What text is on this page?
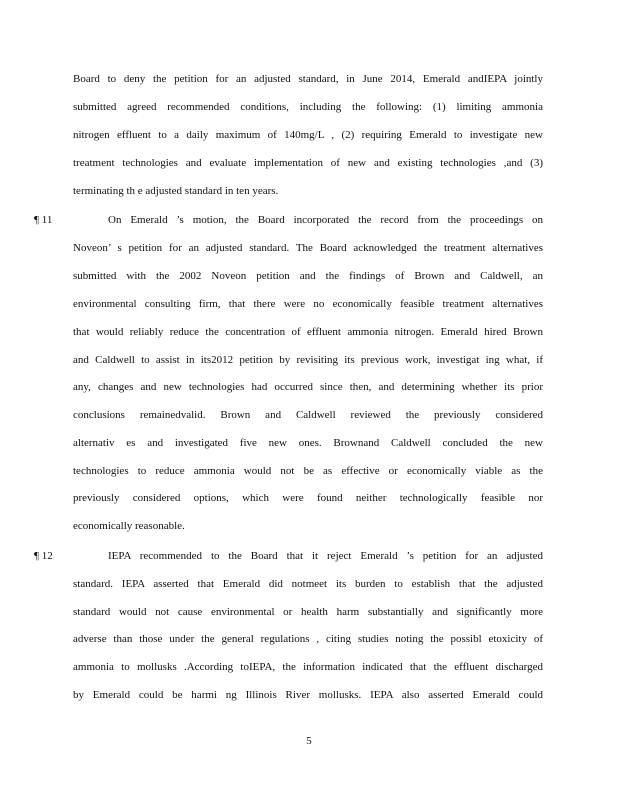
Board to deny the petition for an adjusted standard, in June 2014, Emerald andIEPA jointly
submitted agreed recommended conditions, including the following: (1) limiting ammonia
nitrogen effluent to a daily maximum of 140mg/L , (2) requiring Emerald to investigate new
treatment technologies and evaluate implementation of new and existing technologies ,and (3)
terminating th e adjusted standard in ten years.
¶ 11	On Emerald ’s motion, the Board incorporated the record from the proceedings on
Noveon’ s petition for an adjusted standard. The Board acknowledged the treatment alternatives
submitted with the 2002 Noveon petition and the findings of Brown and Caldwell, an
environmental consulting firm, that there were no economically feasible treatment alternatives
that would reliably reduce the concentration of effluent ammonia nitrogen. Emerald hired Brown
and Caldwell to assist in its2012 petition by revisiting its previous work, investigat ing what, if
any, changes and new technologies had occurred since then, and determining whether its prior
conclusions remainedvalid. Brown and Caldwell reviewed the previously considered
alternativ es and investigated five new ones. Brownand Caldwell concluded the new
technologies to reduce ammonia would not be as effective or economically viable as the
previously considered options, which were found neither technologically feasible nor
economically reasonable.
¶ 12	IEPA recommended to the Board that it reject Emerald ’s petition for an adjusted
standard. IEPA asserted that Emerald did notmeet its burden to establish that the adjusted
standard would not cause environmental or health harm substantially and significantly more
adverse than those under the general regulations , citing studies noting the possibl etoxicity of
ammonia to mollusks .According toIEPA, the information indicated that the effluent discharged
by Emerald could be harmi ng Illinois River mollusks. IEPA also asserted Emerald could
5
